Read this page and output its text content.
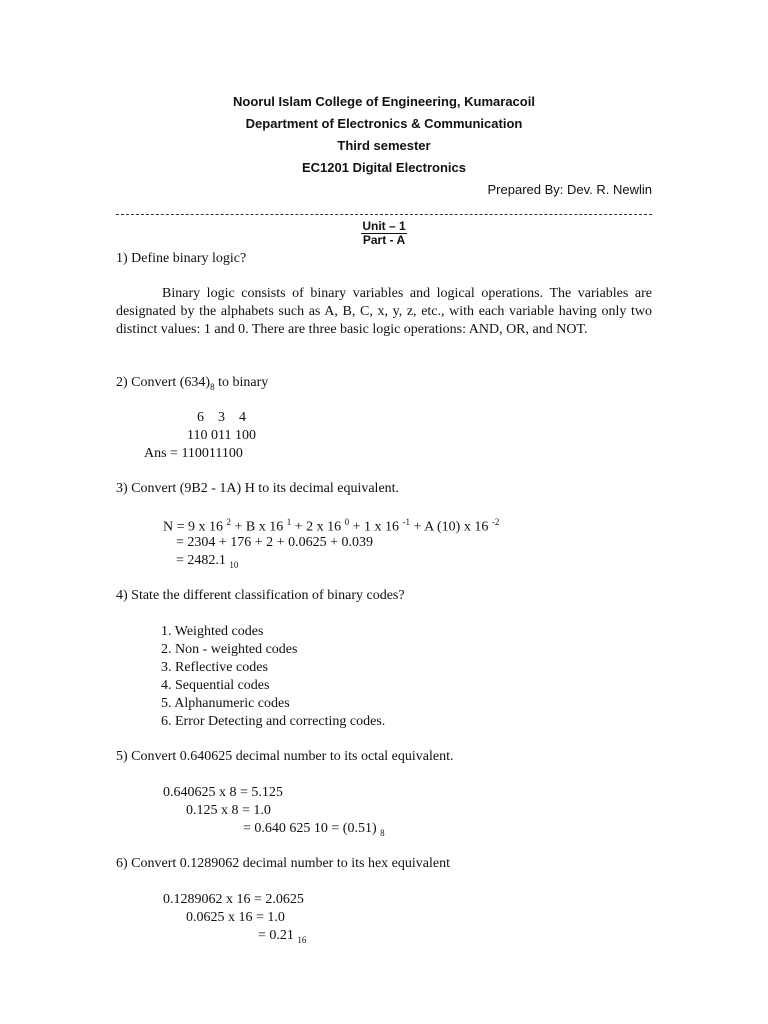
Noorul Islam College of Engineering, Kumaracoil
Department of Electronics & Communication
Third semester
EC1201 Digital Electronics
Prepared By: Dev. R. Newlin
Unit – 1
Part - A
1) Define binary logic?
Binary logic consists of binary variables and logical operations. The variables are designated by the alphabets such as A, B, C, x, y, z, etc., with each variable having only two distinct values: 1 and 0. There are three basic logic operations: AND, OR, and NOT.
2) Convert $(634)_8$ to binary
6    3    4
110 011 100
Ans = 110011100
3) Convert (9B2 - 1A) H to its decimal equivalent.
N = 9 x 16 $^2$ + B x 16 $^1$ + 2 x 16 $^0$ + 1 x 16 $^{-1}$ + A (10) x 16 $^{-2}$
= 2304 + 176 + 2 + 0.0625 + 0.039
= 2482.1 $_{10}$
4) State the different classification of binary codes?
1. Weighted codes
2. Non - weighted codes
3. Reflective codes
4. Sequential codes
5. Alphanumeric codes
6. Error Detecting and correcting codes.
5) Convert 0.640625 decimal number to its octal equivalent.
0.640625 x 8 = 5.125
0.125 x 8 = 1.0
= 0.640 625 10 = (0.51) $_8$
6) Convert 0.1289062 decimal number to its hex equivalent
0.1289062 x 16 = 2.0625
0.0625 x 16 = 1.0
= 0.21 $_{16}$
